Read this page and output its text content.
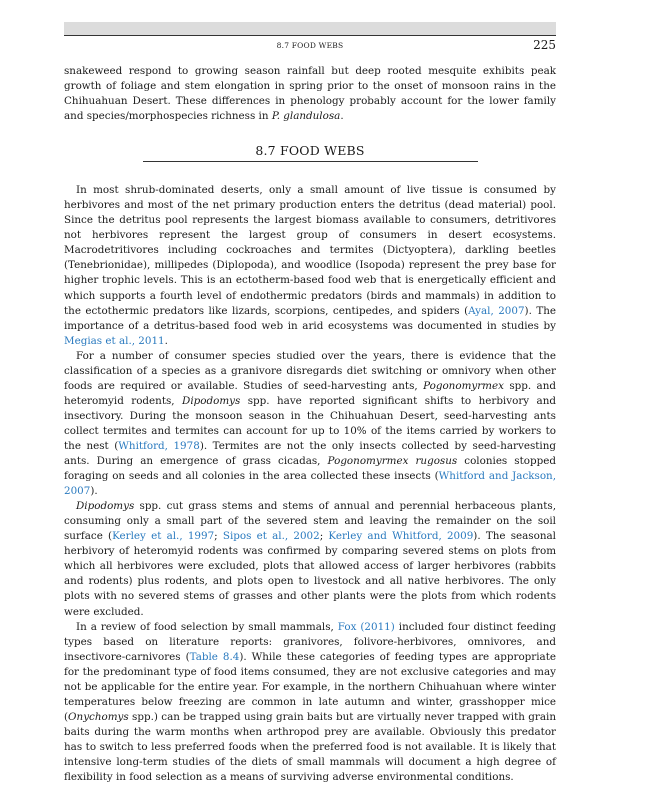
8.7 FOOD WEBS	225

snakeweed respond to growing season rainfall but deep rooted mesquite exhibits peak growth of foliage and stem elongation in spring prior to the onset of monsoon rains in the Chihuahuan Desert. These differences in phenology probably account for the lower family and species/morphospecies richness in P. glandulosa.

8.7 FOOD WEBS

In most shrub-dominated deserts, only a small amount of live tissue is consumed by herbivores and most of the net primary production enters the detritus (dead material) pool. Since the detritus pool represents the largest biomass available to consumers, detritivores not herbivores represent the largest group of consumers in desert ecosystems. Macrodetritivores including cockroaches and termites (Dictyoptera), darkling beetles (Tenebrionidae), millipedes (Diplopoda), and woodlice (Isopoda) represent the prey base for higher trophic levels. This is an ectotherm-based food web that is energetically efficient and which supports a fourth level of endothermic predators (birds and mammals) in addition to the ectothermic predators like lizards, scorpions, centipedes, and spiders (Ayal, 2007). The importance of a detritus-based food web in arid ecosystems was documented in studies by Megias et al., 2011.

For a number of consumer species studied over the years, there is evidence that the classification of a species as a granivore disregards diet switching or omnivory when other foods are required or available. Studies of seed-harvesting ants, Pogonomyrmex spp. and heteromyid rodents, Dipodomys spp. have reported significant shifts to herbivory and insectivory. During the monsoon season in the Chihuahuan Desert, seed-harvesting ants collect termites and termites can account for up to 10% of the items carried by workers to the nest (Whitford, 1978). Termites are not the only insects collected by seed-harvesting ants. During an emergence of grass cicadas, Pogonomyrmex rugosus colonies stopped foraging on seeds and all colonies in the area collected these insects (Whitford and Jackson, 2007).

Dipodomys spp. cut grass stems and stems of annual and perennial herbaceous plants, consuming only a small part of the severed stem and leaving the remainder on the soil surface (Kerley et al., 1997; Sipos et al., 2002; Kerley and Whitford, 2009). The seasonal herbivory of heteromyid rodents was confirmed by comparing severed stems on plots from which all herbivores were excluded, plots that allowed access of larger herbivores (rabbits and rodents) plus rodents, and plots open to livestock and all native herbivores. The only plots with no severed stems of grasses and other plants were the plots from which rodents were excluded.

In a review of food selection by small mammals, Fox (2011) included four distinct feeding types based on literature reports: granivores, folivore-herbivores, omnivores, and insectivore-carnivores (Table 8.4). While these categories of feeding types are appropriate for the predominant type of food items consumed, they are not exclusive categories and may not be applicable for the entire year. For example, in the northern Chihuahuan where winter temperatures below freezing are common in late autumn and winter, grasshopper mice (Onychomys spp.) can be trapped using grain baits but are virtually never trapped with grain baits during the warm months when arthropod prey are available. Obviously this predator has to switch to less preferred foods when the preferred food is not available. It is likely that intensive long-term studies of the diets of small mammals will document a high degree of flexibility in food selection as a means of surviving adverse environmental conditions.
